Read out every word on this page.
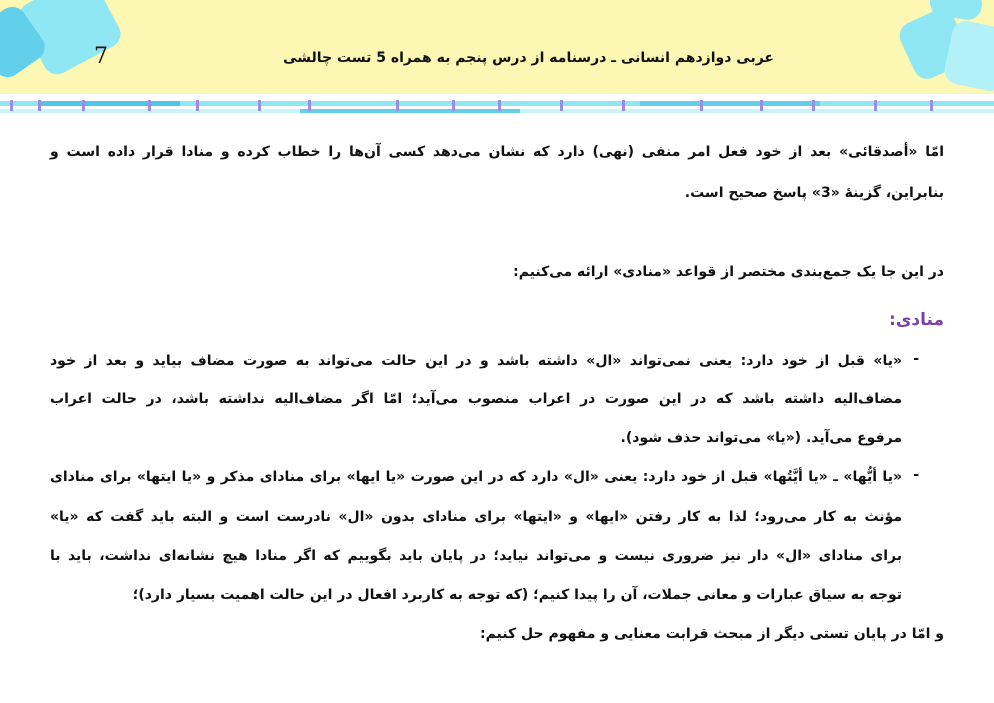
7	عربی دوازدهم انسانی ـ درسنامه از درس پنجم به همراه 5 تست چالشی
امّا «أصدقائی» بعد از خود فعل امر منفی (نهی) دارد که نشان می‌دهد کسی آن‌ها را خطاب کرده و منادا قرار داده است و
بنابراین، گزینهٔ «3» پاسخ صحیح است.
در این جا یک جمع‌بندی مختصر از قواعد «منادی» ارائه می‌کنیم:
منادی:
-
«یا» قبل از خود دارد: یعنی نمی‌تواند «ال» داشته باشد و در این حالت می‌تواند به صورت مضاف بیاید و بعد از خود
مضاف‌الیه داشته باشد که در این صورت در اعراب منصوب می‌آید؛ امّا اگر مضاف‌الیه نداشته باشد، در حالت اعراب
مرفوع می‌آید. («یا» می‌تواند حذف شود).
-
«یا أیُّها» ـ «یا أیَّتُها» قبل از خود دارد: یعنی «ال» دارد که در این صورت «یا ایها» برای منادای مذکر و «یا ایتها» برای منادای
مؤنث به کار می‌رود؛ لذا به کار رفتن «ایها» و «ایتها» برای منادای بدون «ال» نادرست است و البته باید گفت که «یا»
برای منادای «ال» دار نیز ضروری نیست و می‌تواند نیاید؛ در پایان باید بگوییم که اگر منادا هیچ نشانه‌ای نداشت، باید با
توجه به سیاق عبارات و معانی جملات، آن را پیدا کنیم؛ (که توجه به کاربرد افعال در این حالت اهمیت بسیار دارد)؛
و امّا در پایان تستی دیگر از مبحث قرابت معنایی و مفهوم حل کنیم:
